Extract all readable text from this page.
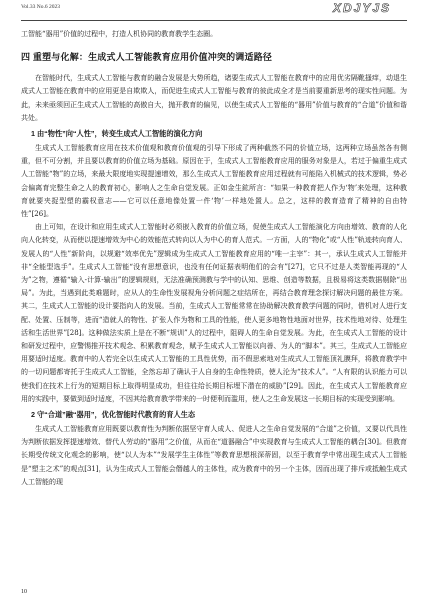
Vol.33 No.6 2023	XDJYJS

工智能“器用”价值的过程中，打造人机协同的教育教学生态圈。

四 重塑与化解：生成式人工智能教育应用价值冲突的调适路径

在智能时代，生成式人工智能与教育的融合发展是大势所趋，诸要生成式人工智能在教育中的应用优劣隔靴搔痒，动退生成式人工智能在教育中的应用更是自欺欺人，而促进生成式人工智能与教育的彼此成全才是当前要重新思考的现实性问题。为此，未来亟须回正生成式人工智能的高傲自大，抛开教育的偏见，以使生成式人工智能的“器用”价值与教育的“合道”价值和谐共处。

1 由“物性”向“人性”，转变生成式人工智能的演化方向

生成式人工智能教育应用在技术价值观和教育价值观的引导下形成了两种截然不同的价值立场，这两种立场虽然各有侧重，但不可分割，并且要以教育的价值立场为基础。原因在于，生成式人工智能教育应用的服务对象是人，若过于偏重生成式人工智能“物”的立场，来最大限度地实现提速增效，那么生成式人工智能教育应用过程就有可能陷入机械式的技术逻辑，势必会偏离育完整生命之人的教育初心，影响人之生命自觉发展。正如金生鈜所言：“如果一种教育把人作为‘物’来处理，这种教育就要夹捉型塑的霸权意志——它可以任意地像处置一件‘物’一样地处置人。总之，这样的教育造育了精神的自由特性”[26]。

由上可知，在设计和应用生成式人工智能时必须嵌入教育的价值立场，促使生成式人工智能演化方向由增效、教育的人化向人化转变，从而使以提速增效为中心的效能范式转向以人为中心的育人范式。一方面，人的“物化”或“人性”轨迹转向育人、发展人的“人性”新阶向，以规避“效率优先”逻辑成为生成式人工智能教育应用的“唯一主宰”：其一，承认生成式人工智能并非“全能型选手”。生成式人工智能“没有思想意识，也没有任何证据表明他们的会有”[27]，它只不过是人类智能再现的“人为”之物，遵循“输入-计算-输出”的逻辑规则，无法准确预测教与学中的认知、思维、创造等数据，且极易将这类数据剔除“出局”。为此，当遇到此类难题时，应从人的生命性发展视角分析问题之症结所在，再结合教育理念探讨解决问题的最佳方案。其二，生成式人工智能的设计要指向人的发展。当前，生成式人工智能常常在协助解决教育教学问题的同时，借机对人进行支配、处置、压制等，进而“造就人的物性、扩张人作为物和工具的性能，使人更多地物性地面对世界，技术性地对待、处理生活和生活世界”[28]。这种做法实质上是在不断“规训”人的过程中，阻碍人的生命自觉发展。为此，在生成式人工智能的设计和研发过程中，应警惕推开技术观念、积累教育观念，赋予生成式人工智能以向善、为人的“脚本”。其三，生成式人工智能应用要适时适度。教育中的人若完全以生成式人工智能的工具性优势，而不假思索地对生成式人工智能顶礼膜拜，将教育教学中的一切问题都寄托于生成式人工智能，全然忘却了确认于人自身的生命性特质，使人沦为“技术人”。“人有限的认识能力可以使我们在技术上行为的短期目标上取得明显成功，但往往给长期目标埋下潜在的威胁”[29]。因此，在生成式人工智能教育应用的实践中，要做到适时适度，不因其给教育教学带来的一时便利而滥用，使人之生命发展这一长期目标的实现受到影响。

2 守“合道”融“器用”，优化智能时代教育的育人生态

生成式人工智能教育应用既要以教育性为判断依据坚守育人成人、促进人之生命自觉发展的“合道”之价值，又要以代具性为判断依据发挥提速增效、替代人劳动的“器用”之价值，从而在“道器融合”中实现教育与生成式人工智能的耦合[30]。但教育长期受传统文化观念的影响，使“以人为本”“发展学生主体性”等教育思想根深蒂固，以至于教育学中常出现生成式人工智能是“塑主之术”的观点[31]，认为生成式人工智能会僭越人的主体性，成为教育中的另一个主体，因而出现了排斥或抵触生成式人工智能的现

10
